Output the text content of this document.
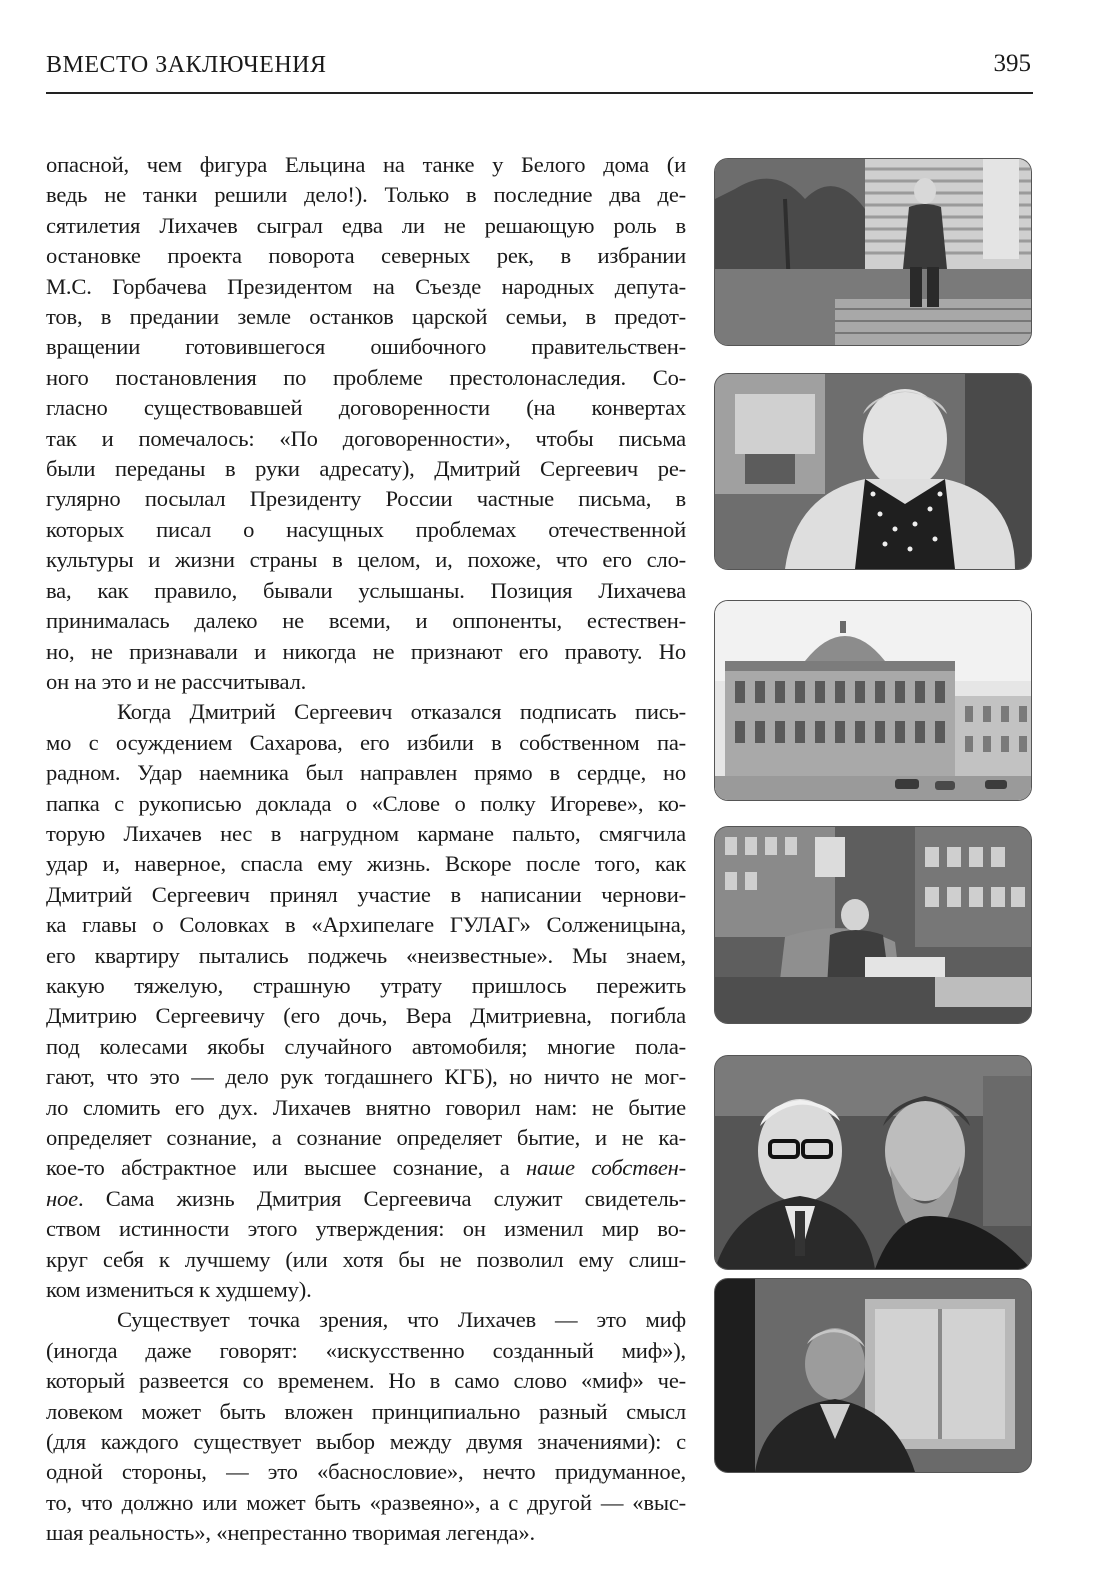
ВМЕСТО ЗАКЛЮЧЕНИЯ	395
опасной, чем фигура Ельцина на танке у Белого дома (и
ведь не танки решили дело!). Только в последние два де-
сятилетия Лихачев сыграл едва ли не решающую роль в
остановке проекта поворота северных рек, в избрании
М.С. Горбачева Президентом на Съезде народных депута-
тов, в предании земле останков царской семьи, в предот-
вращении готовившегося ошибочного правительствен-
ного постановления по проблеме престолонаследия. Со-
гласно существовавшей договоренности (на конвертах
так и помечалось: «По договоренности», чтобы письма
были переданы в руки адресату), Дмитрий Сергеевич ре-
гулярно посылал Президенту России частные письма, в
которых писал о насущных проблемах отечественной
культуры и жизни страны в целом, и, похоже, что его сло-
ва, как правило, бывали услышаны. Позиция Лихачева
принималась далеко не всеми, и оппоненты, естествен-
но, не признавали и никогда не признают его правоту. Но
он на это и не рассчитывал.
Когда Дмитрий Сергеевич отказался подписать пись-
мо с осуждением Сахарова, его избили в собственном па-
радном. Удар наемника был направлен прямо в сердце, но
папка с рукописью доклада о «Слове о полку Игореве», ко-
торую Лихачев нес в нагрудном кармане пальто, смягчила
удар и, наверное, спасла ему жизнь. Вскоре после того, как
Дмитрий Сергеевич принял участие в написании чернови-
ка главы о Соловках в «Архипелаге ГУЛАГ» Солженицына,
его квартиру пытались поджечь «неизвестные». Мы знаем,
какую тяжелую, страшную утрату пришлось пережить
Дмитрию Сергеевичу (его дочь, Вера Дмитриевна, погибла
под колесами якобы случайного автомобиля; многие пола-
гают, что это — дело рук тогдашнего КГБ), но ничто не мог-
ло сломить его дух. Лихачев внятно говорил нам: не бытие
определяет сознание, а сознание определяет бытие, и не ка-
кое-то абстрактное или высшее сознание, а наше собствен-
ное. Сама жизнь Дмитрия Сергеевича служит свидетель-
ством истинности этого утверждения: он изменил мир во-
круг себя к лучшему (или хотя бы не позволил ему слиш-
ком измениться к худшему).
Существует точка зрения, что Лихачев — это миф
(иногда даже говорят: «искусственно созданный миф»),
который развеется со временем. Но в само слово «миф» че-
ловеком может быть вложен принципиально разный смысл
(для каждого существует выбор между двумя значениями): с
одной стороны, — это «баснословие», нечто придуманное,
то, что должно или может быть «развеяно», а с другой — «выс-
шая реальность», «непрестанно творимая легенда».
